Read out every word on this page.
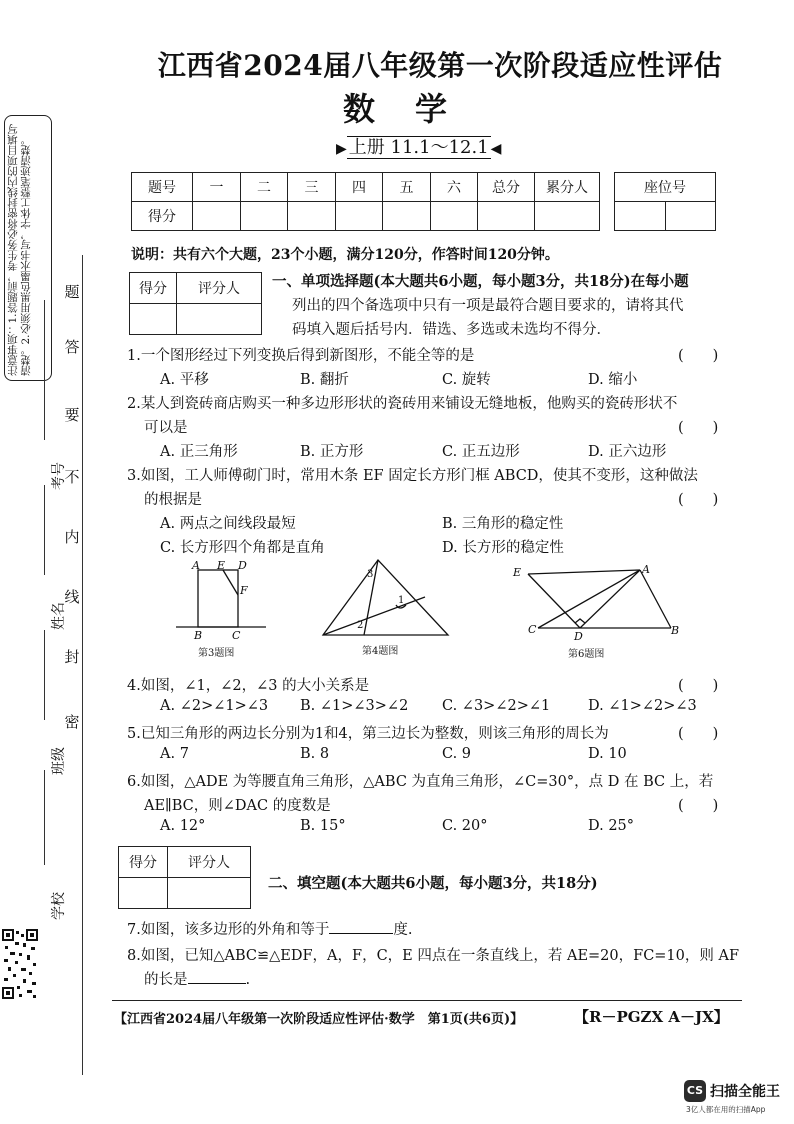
注意事项：1.答题前，考生务必将密封线内的项目填写清楚。2.必须用黑色墨水书写，字体工整笔迹清楚。 题
答
要
不
内
线
封
密
考号
姓名
班级
学校
江西省2024届八年级第一次阶段适应性评估
数学
▶ 上册 11.1～12.1 ◀
题号	一	二	三	四	五	六	总分	累分人
得分								
座位号

说明：共有六个大题，23个小题，满分120分，作答时间120分钟。
得分	评分人
	一、单项选择题(本大题共6小题，每小题3分，共18分)在每小题
列出的四个备选项中只有一项是最符合题目要求的，请将其代
码填入题后括号内．错选、多选或未选均不得分．
1.一个图形经过下列变换后得到新图形，不能全等的是	(　　)
A. 平移	B. 翻折	C. 旋转	D. 缩小
2.某人到瓷砖商店购买一种多边形形状的瓷砖用来铺设无缝地板，他购买的瓷砖形状不
可以是	(　　)
A. 正三角形	B. 正方形	C. 正五边形	D. 正六边形
3.如图，工人师傅砌门时，常用木条 EF 固定长方形门框 ABCD，使其不变形，这种做法
的根据是	(　　)
A. 两点之间线段最短	B. 三角形的稳定性
C. 长方形四个角都是直角	D. 长方形的稳定性
A E D
F
B	C
第3题图
3
1
2
第4题图
E	A
C
D	B
第6题图
4.如图，∠1，∠2，∠3 的大小关系是	(　　)
A. ∠2>∠1>∠3 B. ∠1>∠3>∠2 C. ∠3>∠2>∠1	D. ∠1>∠2>∠3
5.已知三角形的两边长分别为1和4，第三边长为整数，则该三角形的周长为	(　　)
A. 7	B. 8	C. 9	D. 10
6.如图，△ADE 为等腰直角三角形，△ABC 为直角三角形，∠C=30°，点 D 在 BC 上，若
AE∥BC，则∠DAC 的度数是	(　　)
A. 12°	B. 15°	C. 20°	D. 25°
得分	评分人

二、填空题(本大题共6小题，每小题3分，共18分)
7.如图，该多边形的外角和等于	度.
8.如图，已知△ABC≌△EDF，A，F，C，E 四点在一条直线上，若 AE=20，FC=10，则 AF
的长是	.
【江西省2024届八年级第一次阶段适应性评估·数学　第1页(共6页)】	【R－PGZX A－JX】
CS 扫描全能王
3亿人都在用的扫描App
